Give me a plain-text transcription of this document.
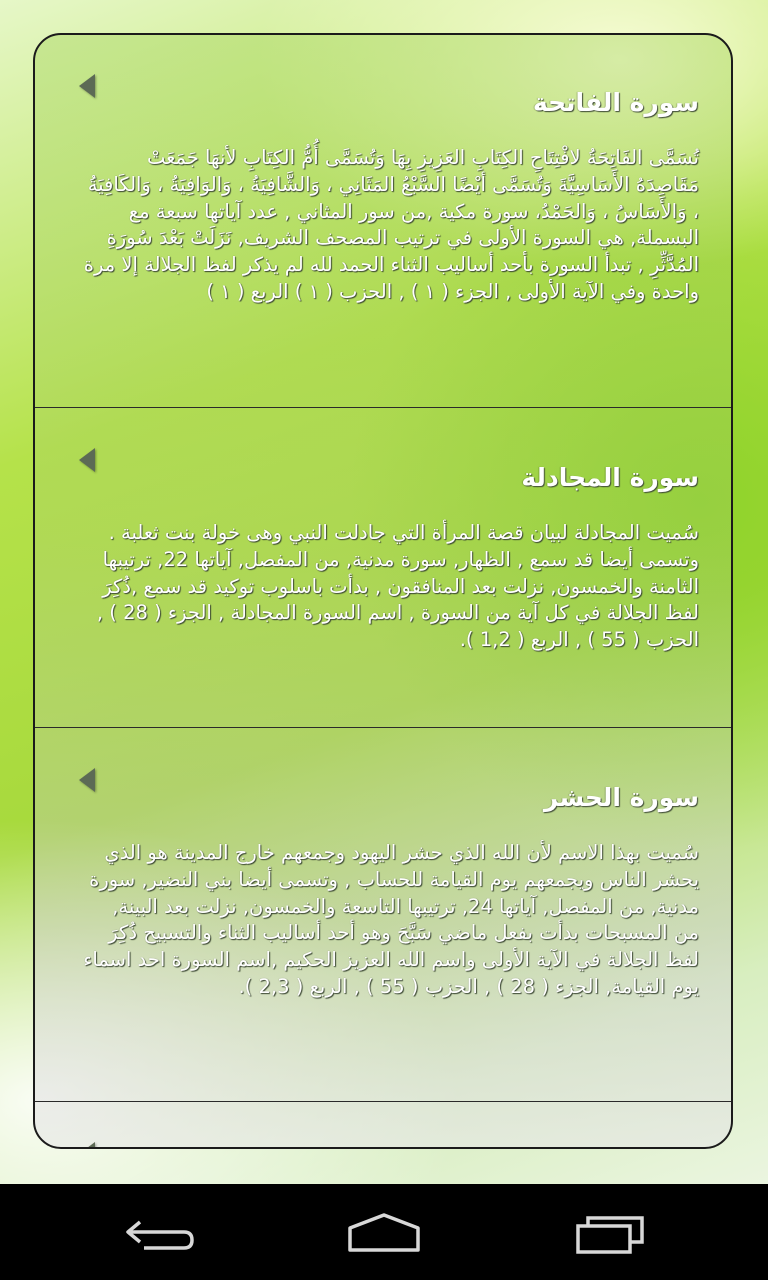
سورة الفاتحة

تُسَمَّى الفَاتِحَةُ لافْتِتَاحِ الكِتَابِ العَزِيزِ بِهَا وَتُسَمَّى أُمُّ الكِتَابِ لأنهَا جَمَعَتْ مَقَاصِدَهُ الأَسَاسِيَّةَ وَتُسَمَّى أيْضًا السَّبْعُ المَثَانِي ، وَالشَّافِيَةُ ، وَالوَافِيَةُ ، وَالكَافِيَةُ ، وَالأَسَاسُ ، وَالحَمْدُ، سورة مكية ,من سور المثاني , عدد آياتها سبعة مع البسملة, هي السورة الأولى في ترتيب المصحف الشريف, نَزَلَتْ بَعْدَ سُورَةِ المُدَّثِّرِ , تبدأ السورة بأحد أساليب الثناء الحمد لله لم يذكر لفظ الجلالة إلا مرة واحدة وفي الآية الأولى , الجزء ( ١ ) , الحزب ( ١ ) الربع ( ١ )

سورة المجادلة

سُميت المجادلة لبيان قصة المرأة التي جادلت النبي وهى خولة بنت ثعلبة . وتسمى أيضا قد سمع , الظهار, سورة مدنية, من المفصل, آياتها 22, ترتيبها الثامنة والخمسون, نزلت بعد المنافقون , بدأت باسلوب توكيد قد سمع ,ذُكِرَ لفظ الجلالة في كل آية من السورة , اسم السورة المجادلة , الجزء ( 28 ) , الحزب ( 55 ) , الربع ( 1,2 ).

سورة الحشر

سُميت بهذا الاسم لأن الله الذي حشر اليهود وجمعهم خارج المدينة هو الذي يحشر الناس ويجمعهم يوم القيامة للحساب , وتسمى أيضا بني النضير, سورة مدنية, من المفصل, آياتها 24, ترتيبها التاسعة والخمسون, نزلت بعد البينة, من المسبحات بدأت بفعل ماضي سَبَّحَ وهو أحد أساليب الثناء والتسبيح ذُكِرَ لفظ الجلالة في الآية الأولى واسم الله العزيز الحكيم ,اسم السورة احد اسماء يوم القيامة, الجزء ( 28 ) , الحزب ( 55 ) , الربع ( 2,3 ).
